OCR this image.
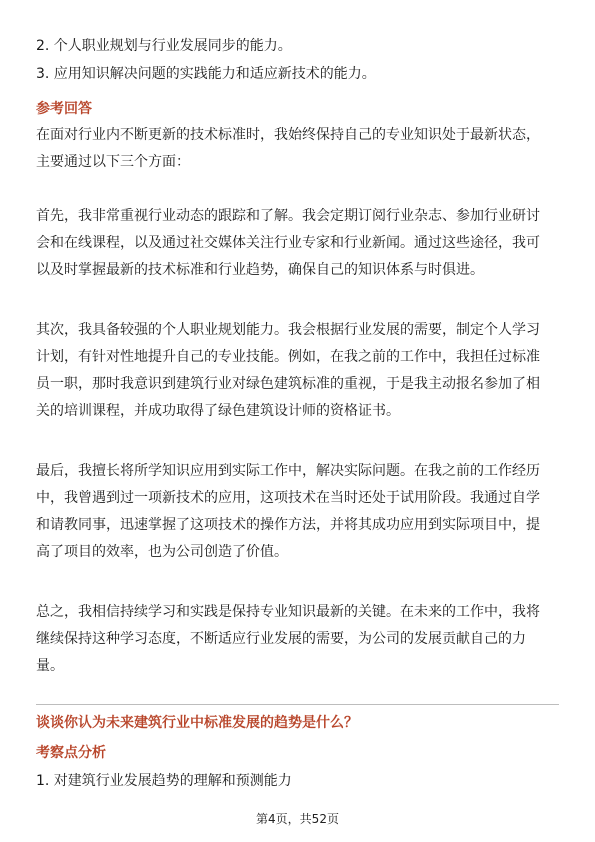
2. 个人职业规划与行业发展同步的能力。
3. 应用知识解决问题的实践能力和适应新技术的能力。
参考回答
在面对行业内不断更新的技术标准时，我始终保持自己的专业知识处于最新状态，
主要通过以下三个方面：
首先，我非常重视行业动态的跟踪和了解。我会定期订阅行业杂志、参加行业研讨
会和在线课程，以及通过社交媒体关注行业专家和行业新闻。通过这些途径，我可
以及时掌握最新的技术标准和行业趋势，确保自己的知识体系与时俱进。
其次，我具备较强的个人职业规划能力。我会根据行业发展的需要，制定个人学习
计划，有针对性地提升自己的专业技能。例如，在我之前的工作中，我担任过标准
员一职，那时我意识到建筑行业对绿色建筑标准的重视，于是我主动报名参加了相
关的培训课程，并成功取得了绿色建筑设计师的资格证书。
最后，我擅长将所学知识应用到实际工作中，解决实际问题。在我之前的工作经历
中，我曾遇到过一项新技术的应用，这项技术在当时还处于试用阶段。我通过自学
和请教同事，迅速掌握了这项技术的操作方法，并将其成功应用到实际项目中，提
高了项目的效率，也为公司创造了价值。
总之，我相信持续学习和实践是保持专业知识最新的关键。在未来的工作中，我将
继续保持这种学习态度，不断适应行业发展的需要，为公司的发展贡献自己的力
量。
谈谈你认为未来建筑行业中标准发展的趋势是什么？
考察点分析
1. 对建筑行业发展趋势的理解和预测能力
第4页，共52页
